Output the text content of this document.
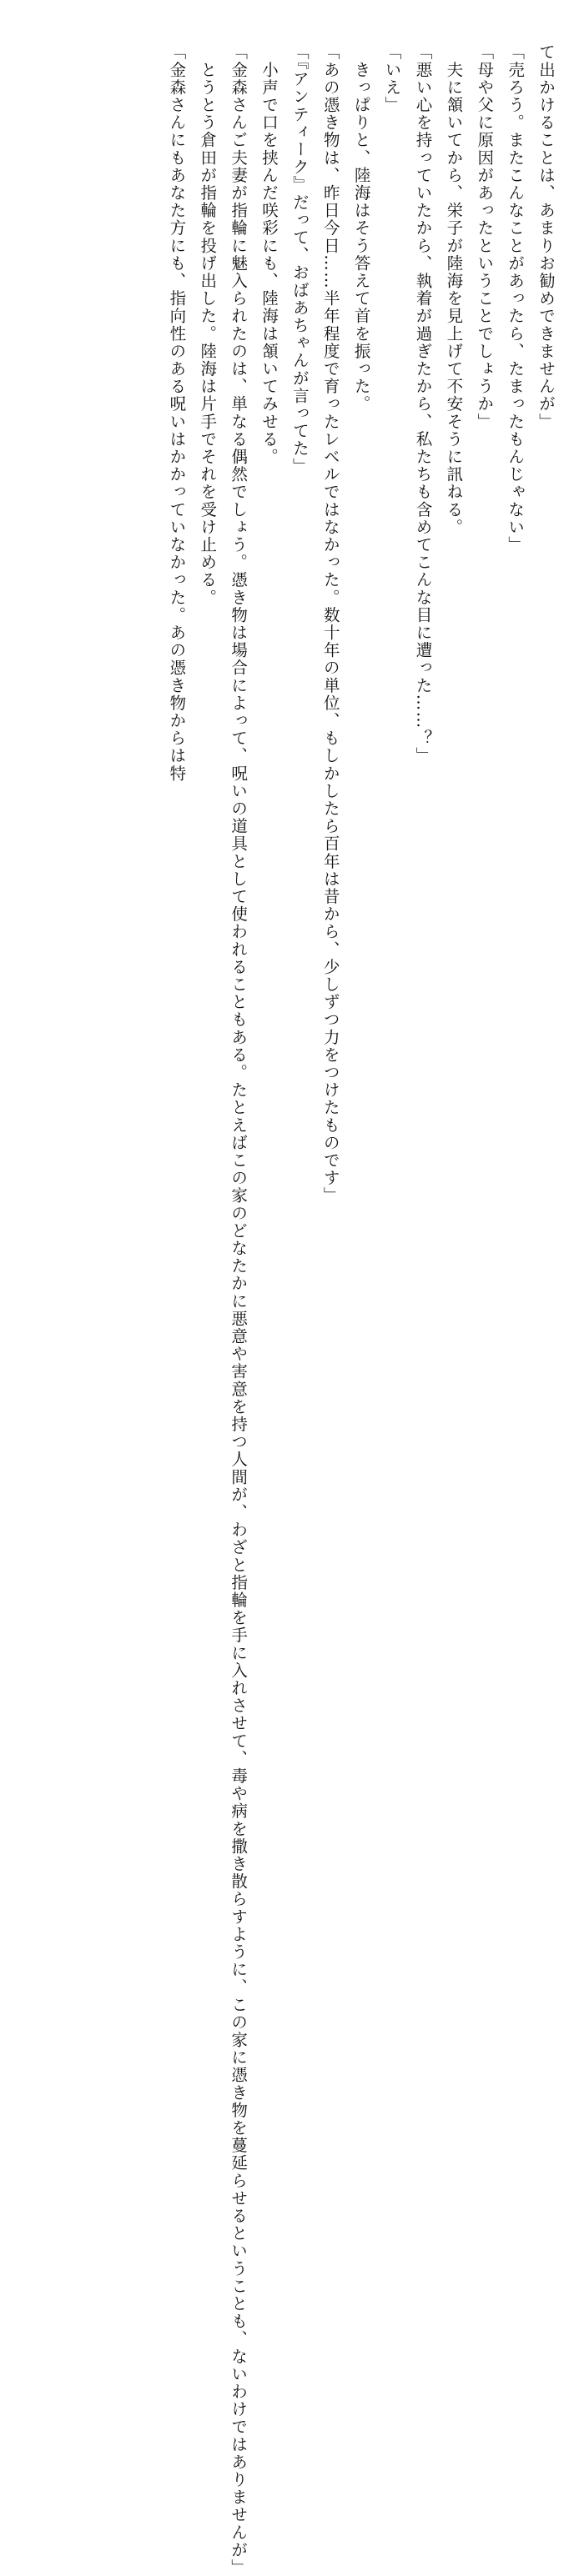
て出かけることは、あまりお勧めできませんが」
「売ろう。またこんなことがあったら、たまったもんじゃない」
「母や父に原因があったということでしょうか」
　夫に頷いてから、栄子が陸海を見上げて不安そうに訊ねる。
「悪い心を持っていたから、執着が過ぎたから、私たちも含めてこんな目に遭った……？」
「いえ」
　きっぱりと、陸海はそう答えて首を振った。
「あの憑き物は、昨日今日……半年程度で育ったレベルではなかった。数十年の単位、もしかしたら百年は昔から、少しずつ力をつけたものです」
「『アンティーク』だって、おばあちゃんが言ってた」
　小声で口を挟んだ咲彩にも、陸海は頷いてみせる。
「金森さんご夫妻が指輪に魅入られたのは、単なる偶然でしょう。憑き物は場合によって、呪いの道具として使われることもある。たとえばこの家のどなたかに悪意や害意を持つ人間が、わざと指輪を手に入れさせて、毒や病を撒き散らすように、この家に憑き物を蔓延らせるということも、ないわけではありませんが」
　とうとう倉田が指輪を投げ出した。陸海は片手でそれを受け止める。
「金森さんにもあなた方にも、指向性のある呪いはかかっていなかった。あの憑き物からは特
